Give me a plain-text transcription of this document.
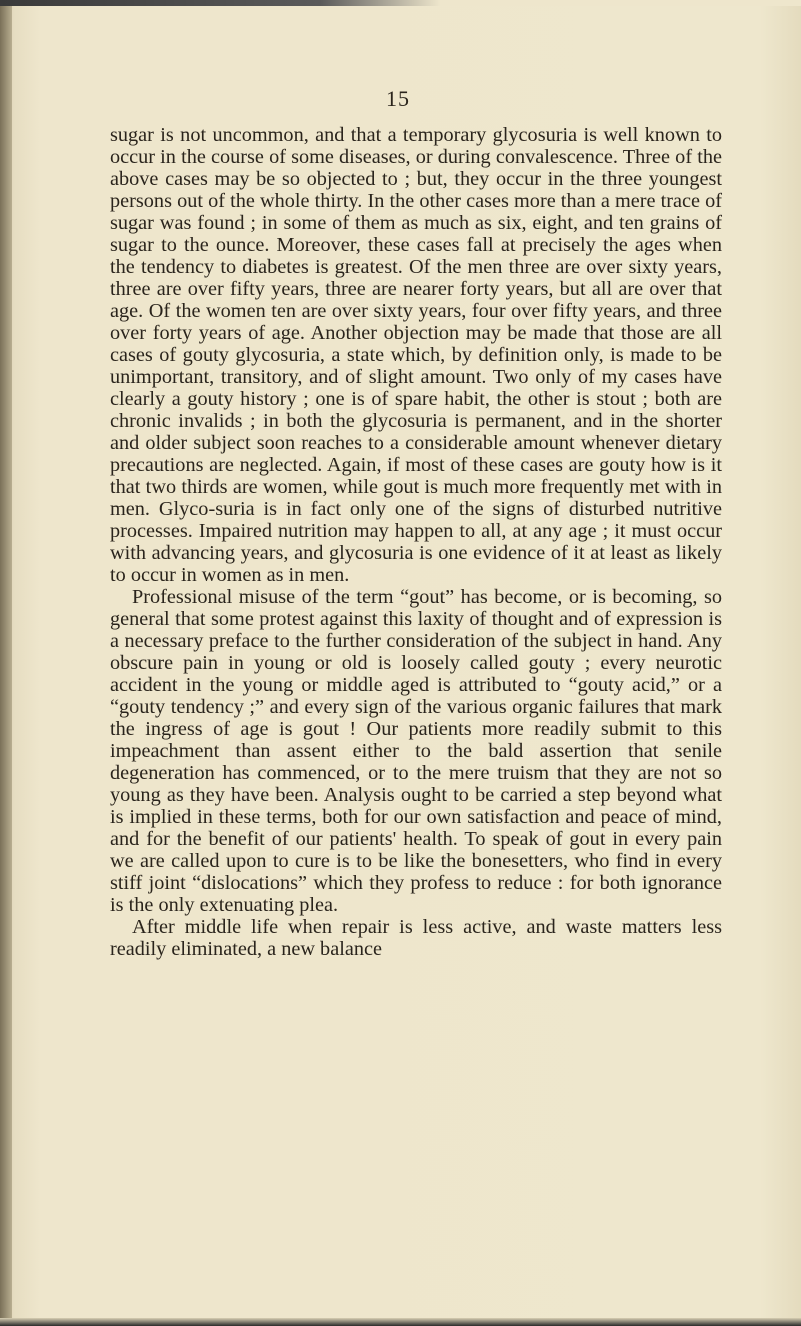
15

sugar is not uncommon, and that a temporary glycosuria is well known to occur in the course of some diseases, or during convalescence. Three of the above cases may be so objected to ; but, they occur in the three youngest persons out of the whole thirty. In the other cases more than a mere trace of sugar was found ; in some of them as much as six, eight, and ten grains of sugar to the ounce. Moreover, these cases fall at precisely the ages when the tendency to diabetes is greatest. Of the men three are over sixty years, three are over fifty years, three are nearer forty years, but all are over that age. Of the women ten are over sixty years, four over fifty years, and three over forty years of age. Another objection may be made that those are all cases of gouty glycosuria, a state which, by definition only, is made to be unimportant, transitory, and of slight amount. Two only of my cases have clearly a gouty history ; one is of spare habit, the other is stout ; both are chronic invalids ; in both the glycosuria is permanent, and in the shorter and older subject soon reaches to a considerable amount whenever dietary precautions are neglected. Again, if most of these cases are gouty how is it that two thirds are women, while gout is much more frequently met with in men. Glyco-suria is in fact only one of the signs of disturbed nutritive processes. Impaired nutrition may happen to all, at any age ; it must occur with advancing years, and glycosuria is one evidence of it at least as likely to occur in women as in men.

Professional misuse of the term “gout” has become, or is becoming, so general that some protest against this laxity of thought and of expression is a necessary preface to the further consideration of the subject in hand. Any obscure pain in young or old is loosely called gouty ; every neurotic accident in the young or middle aged is attributed to “gouty acid,” or a “gouty tendency ;” and every sign of the various organic failures that mark the ingress of age is gout ! Our patients more readily submit to this impeachment than assent either to the bald assertion that senile degeneration has commenced, or to the mere truism that they are not so young as they have been. Analysis ought to be carried a step beyond what is implied in these terms, both for our own satisfaction and peace of mind, and for the benefit of our patients' health. To speak of gout in every pain we are called upon to cure is to be like the bonesetters, who find in every stiff joint “dislocations” which they profess to reduce : for both ignorance is the only extenuating plea.

After middle life when repair is less active, and waste matters less readily eliminated, a new balance
